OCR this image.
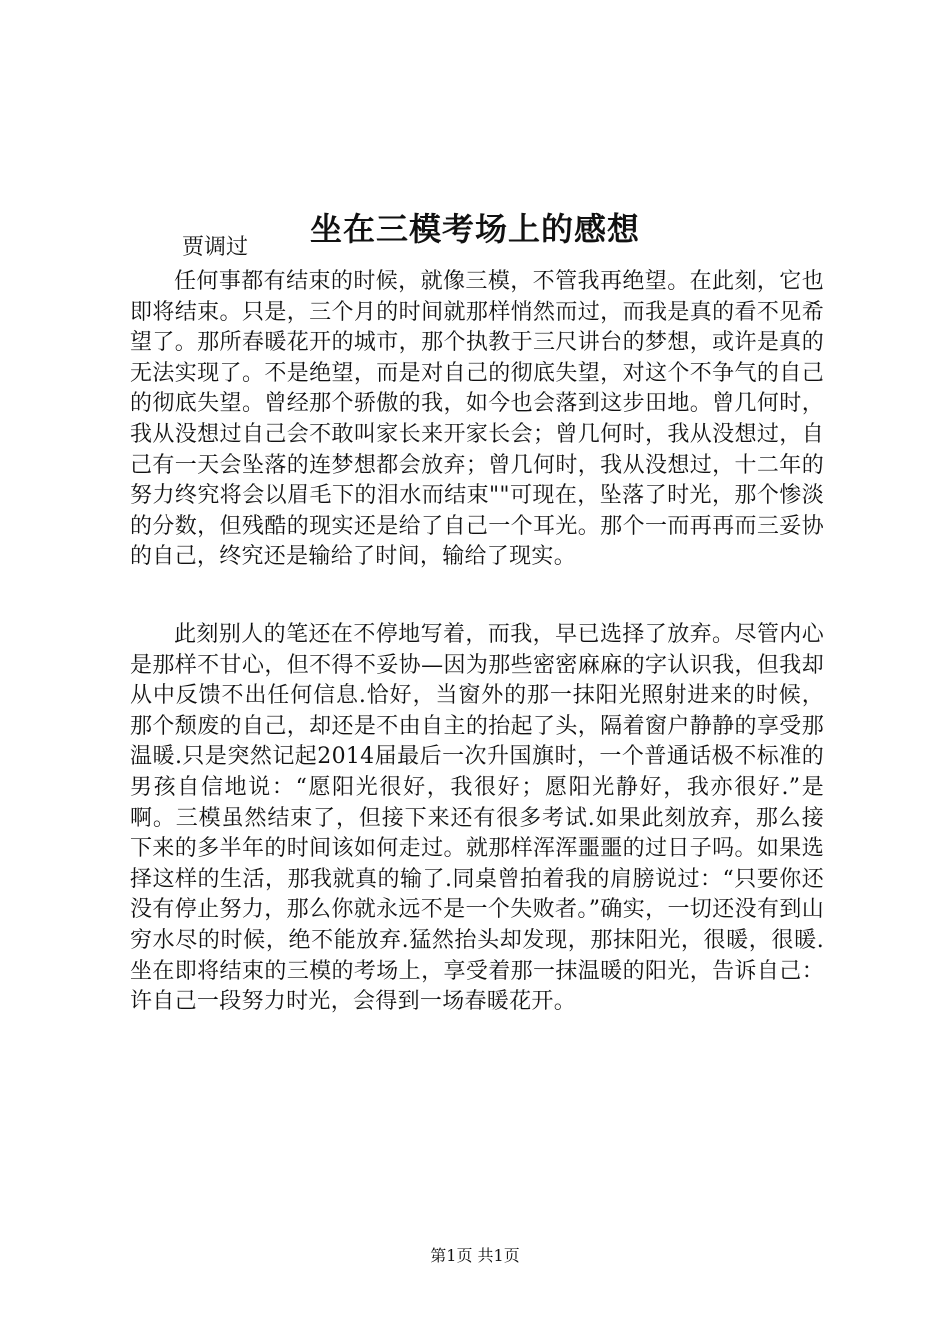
坐在三模考场上的感想
贾调过

任何事都有结束的时候，就像三模，不管我再绝望。在此刻，它也即将结束。只是，三个月的时间就那样悄然而过，而我是真的看不见希望了。那所春暖花开的城市，那个执教于三尺讲台的梦想，或许是真的无法实现了。不是绝望，而是对自己的彻底失望，对这个不争气的自己的彻底失望。曾经那个骄傲的我，如今也会落到这步田地。曾几何时，我从没想过自己会不敢叫家长来开家长会；曾几何时，我从没想过，自己有一天会坠落的连梦想都会放弃；曾几何时，我从没想过，十二年的努力终究将会以眉毛下的泪水而结束""可现在，坠落了时光，那个惨淡的分数，但残酷的现实还是给了自己一个耳光。那个一而再再而三妥协的自己，终究还是输给了时间，输给了现实。

此刻别人的笔还在不停地写着，而我，早已选择了放弃。尽管内心是那样不甘心，但不得不妥协—因为那些密密麻麻的字认识我，但我却从中反馈不出任何信息.恰好，当窗外的那一抹阳光照射进来的时候，那个颓废的自己，却还是不由自主的抬起了头，隔着窗户静静的享受那温暖.只是突然记起2014届最后一次升国旗时，一个普通话极不标准的男孩自信地说：“愿阳光很好，我很好；愿阳光静好，我亦很好.”是啊。三模虽然结束了，但接下来还有很多考试.如果此刻放弃，那么接下来的多半年的时间该如何走过。就那样浑浑噩噩的过日子吗。如果选择这样的生活，那我就真的输了.同桌曾拍着我的肩膀说过：“只要你还没有停止努力，那么你就永远不是一个失败者。”确实，一切还没有到山穷水尽的时候，绝不能放弃.猛然抬头却发现，那抹阳光，很暖，很暖.坐在即将结束的三模的考场上，享受着那一抹温暖的阳光，告诉自己：许自己一段努力时光，会得到一场春暖花开。

第1页 共1页
